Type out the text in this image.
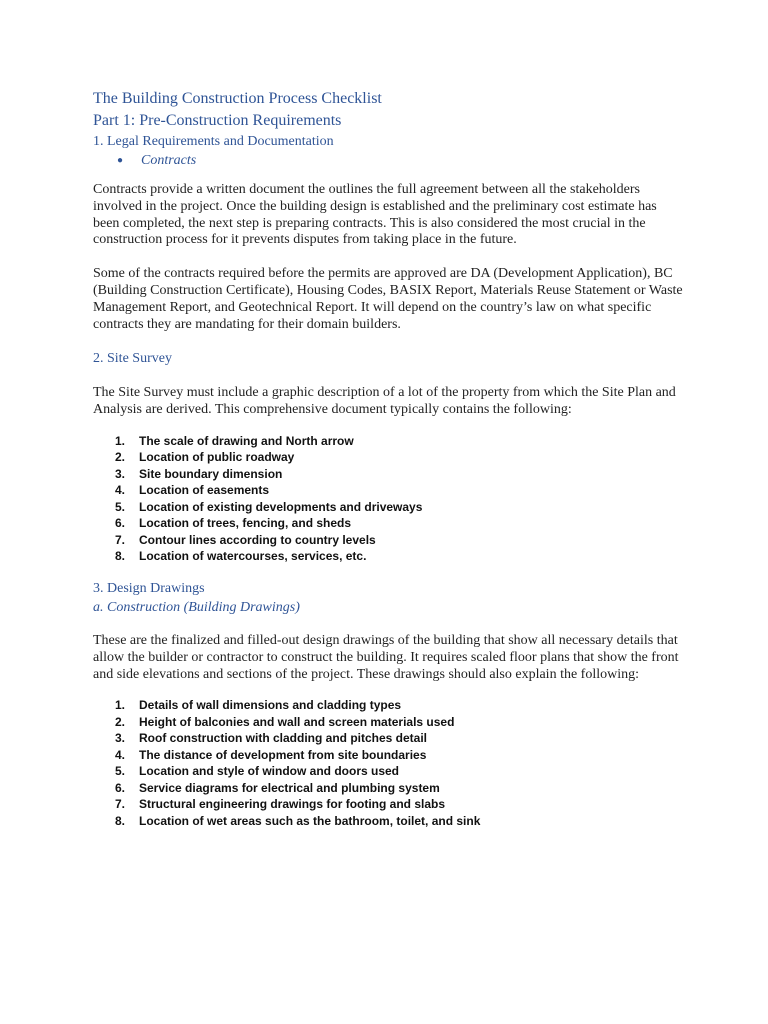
The Building Construction Process Checklist
Part 1: Pre-Construction Requirements
1. Legal Requirements and Documentation
● Contracts

Contracts provide a written document the outlines the full agreement between all the stakeholders involved in the project. Once the building design is established and the preliminary cost estimate has been completed, the next step is preparing contracts. This is also considered the most crucial in the construction process for it prevents disputes from taking place in the future.

Some of the contracts required before the permits are approved are DA (Development Application), BC (Building Construction Certificate), Housing Codes, BASIX Report, Materials Reuse Statement or Waste Management Report, and Geotechnical Report. It will depend on the country’s law on what specific contracts they are mandating for their domain builders.

2. Site Survey

The Site Survey must include a graphic description of a lot of the property from which the Site Plan and Analysis are derived. This comprehensive document typically contains the following:

1. The scale of drawing and North arrow
2. Location of public roadway
3. Site boundary dimension
4. Location of easements
5. Location of existing developments and driveways
6. Location of trees, fencing, and sheds
7. Contour lines according to country levels
8. Location of watercourses, services, etc.
3. Design Drawings
a. Construction (Building Drawings)

These are the finalized and filled-out design drawings of the building that show all necessary details that allow the builder or contractor to construct the building. It requires scaled floor plans that show the front and side elevations and sections of the project. These drawings should also explain the following:

1. Details of wall dimensions and cladding types
2. Height of balconies and wall and screen materials used
3. Roof construction with cladding and pitches detail
4. The distance of development from site boundaries
5. Location and style of window and doors used
6. Service diagrams for electrical and plumbing system
7. Structural engineering drawings for footing and slabs
8. Location of wet areas such as the bathroom, toilet, and sink
